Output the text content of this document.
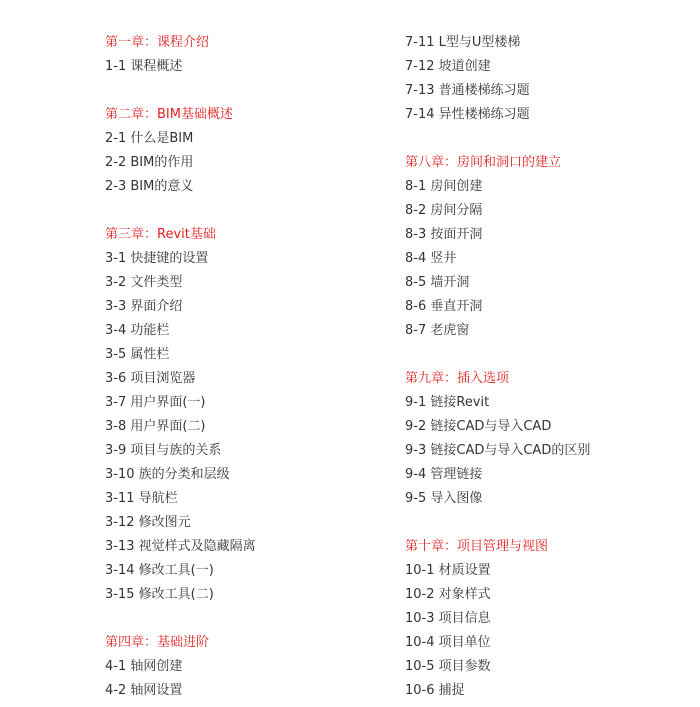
第一章：课程介绍
1-1 课程概述
第二章：BIM基础概述
2-1 什么是BIM
2-2 BIM的作用
2-3 BIM的意义
第三章：Revit基础
3-1 快捷键的设置
3-2 文件类型
3-3 界面介绍
3-4 功能栏
3-5 属性栏
3-6 项目浏览器
3-7 用户界面(一)
3-8 用户界面(二)
3-9 项目与族的关系
3-10 族的分类和层级
3-11 导航栏
3-12 修改图元
3-13 视觉样式及隐藏隔离
3-14 修改工具(一)
3-15 修改工具(二)
第四章：基础进阶
4-1 轴网创建
4-2 轴网设置
7-11 L型与U型楼梯
7-12 坡道创建
7-13 普通楼梯练习题
7-14 异性楼梯练习题
第八章：房间和洞口的建立
8-1 房间创建
8-2 房间分隔
8-3 按面开洞
8-4 竖井
8-5 墙开洞
8-6 垂直开洞
8-7 老虎窗
第九章：插入选项
9-1 链接Revit
9-2 链接CAD与导入CAD
9-3 链接CAD与导入CAD的区别
9-4 管理链接
9-5 导入图像
第十章：项目管理与视图
10-1 材质设置
10-2 对象样式
10-3 项目信息
10-4 项目单位
10-5 项目参数
10-6 捕捉
